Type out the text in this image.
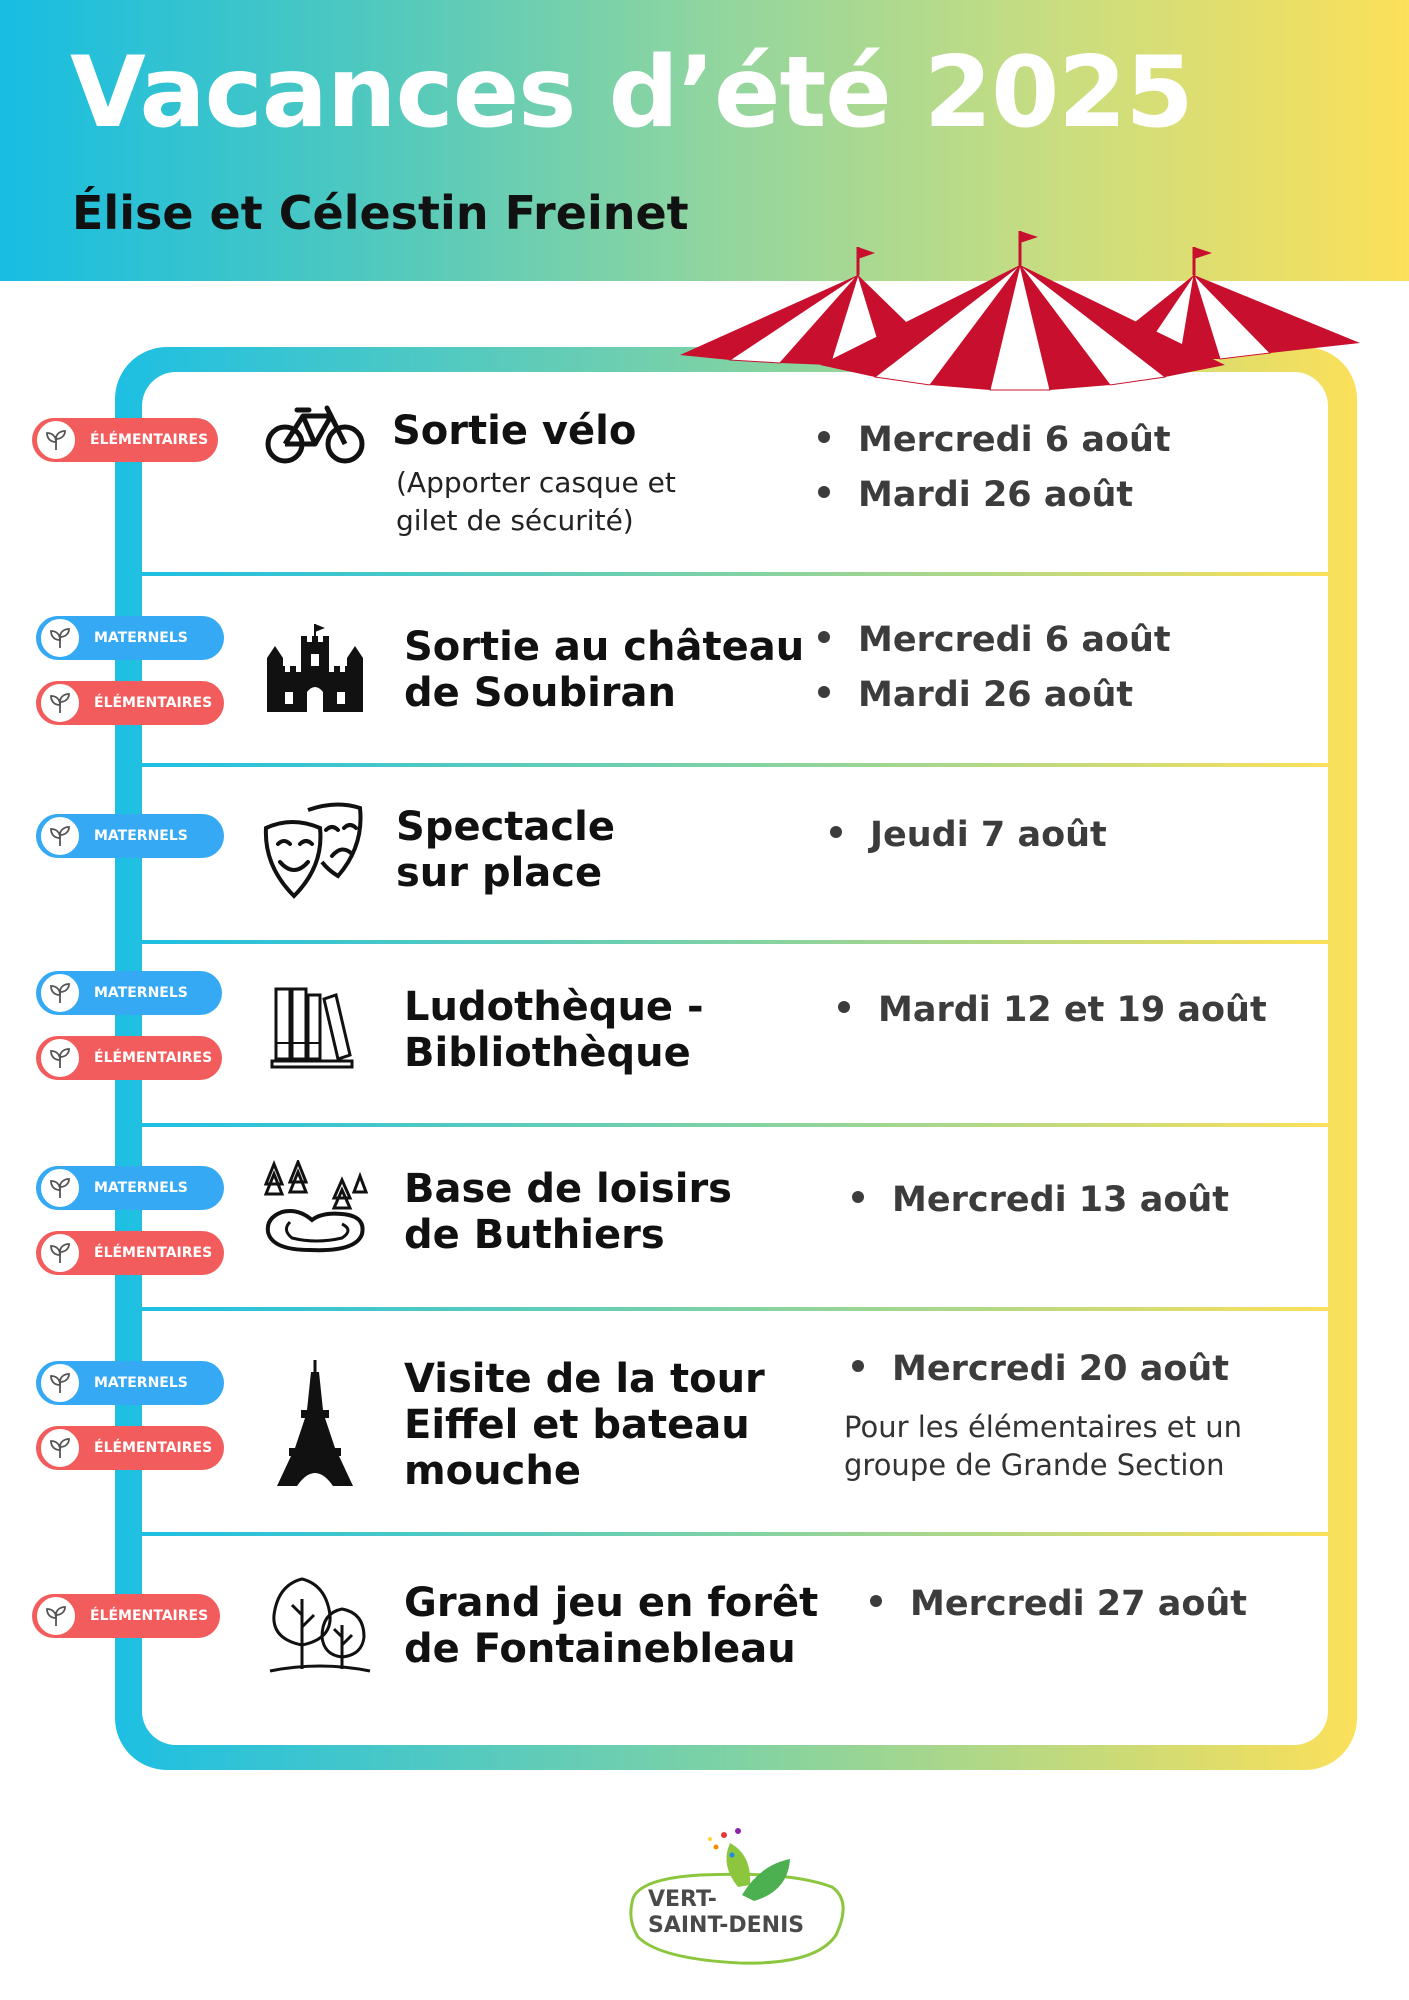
Vacances d’été 2025
Élise et Célestin Freinet
ÉLÉMENTAIRES	Sortie vélo
(Apporter casque et gilet de sécurité)
Mercredi 6 août
Mardi 26 août
MATERNELS
ÉLÉMENTAIRES
Sortie au château
de Soubiran
Mercredi 6 août
Mardi 26 août
MATERNELS	Spectacle
sur place
Jeudi 7 août
MATERNELS
ÉLÉMENTAIRES
Ludothèque -
Bibliothèque
Mardi 12 et 19 août
MATERNELS
ÉLÉMENTAIRES
Base de loisirs
de Buthiers
Mercredi 13 août
MATERNELS
ÉLÉMENTAIRES
Visite de la tour
Eiffel et bateau
mouche
Mercredi 20 août
Pour les élémentaires et un groupe de Grande Section
ÉLÉMENTAIRES	Grand jeu en forêt
de Fontainebleau
Mercredi 27 août
VERT-
SAINT-DENIS
